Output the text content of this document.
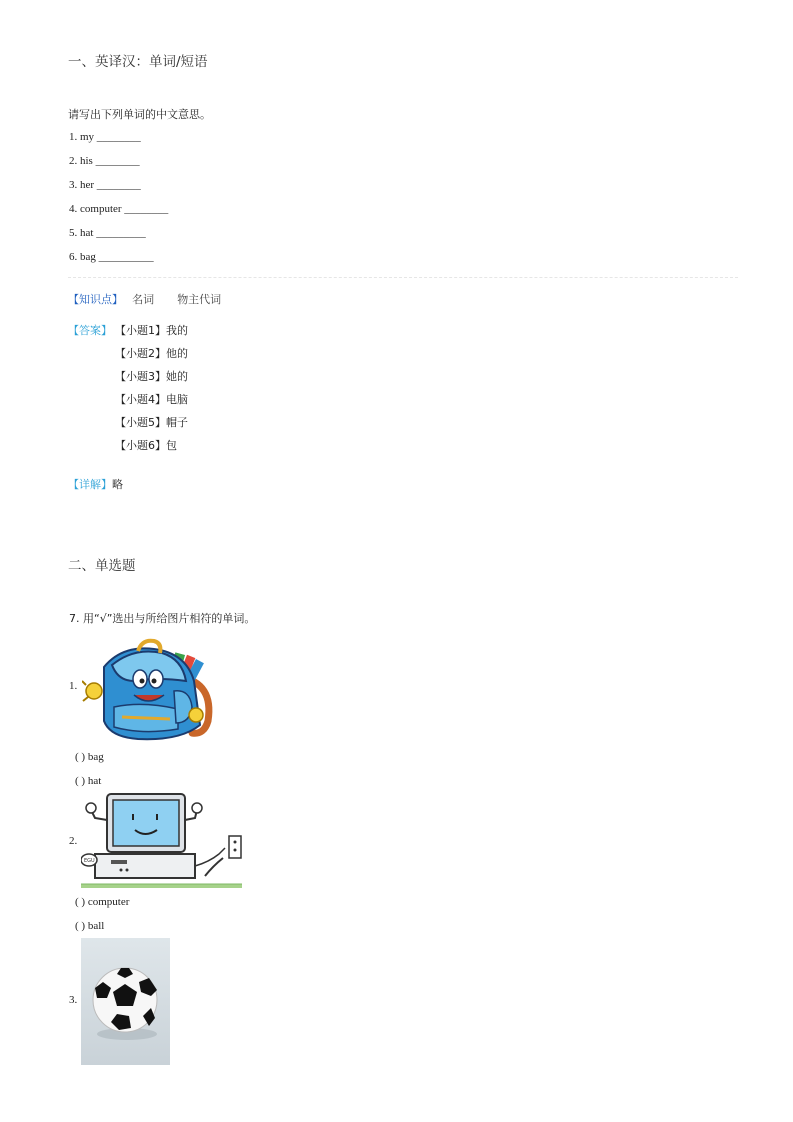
一、英译汉：单词/短语
请写出下列单词的中文意思。
1. my ________
2. his ________
3. her ________
4. computer ________
5. hat _________
6. bag __________
【知识点】 名词 物主代词
【答案】 【小题1】我的
【小题2】他的
【小题3】她的
【小题4】电脑
【小题5】帽子
【小题6】包
【详解】略
二、单选题
7. 用“√”选出与所给图片相符的单词。
1.
( ) bag
( ) hat
2.
EGU
( ) computer
( ) ball
3.
